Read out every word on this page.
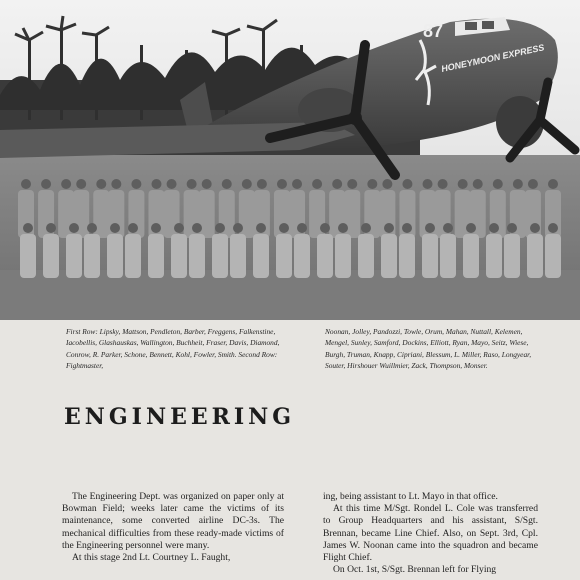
87
HONEYMOON EXPRESS
First Row: Lipsky, Mattson, Pendleton, Barber, Freggens, Falkenstine, Iacobellis, Glashauskas, Wallington, Buchheit, Fraser, Davis, Diamond, Conrow, R. Parker, Schone, Bennett, Kohl, Fowler, Smith. Second Row: Fightmaster,
Noonan, Jolley, Pandozzi, Towle, Orum, Mahan, Nuttall, Kelemen, Mengel, Sunley, Samford, Dockins, Elliott, Ryan, Mayo, Seitz, Wiese, Burgh, Truman, Knapp, Cipriani, Blessum, L. Miller, Raso, Longyear, Souter, Hirshouer Wuillmier, Zack, Thompson, Monser.
ENGINEERING

The Engineering Dept. was organized on paper only at Bowman Field; weeks later came the victims of its maintenance, some converted airline DC-3s. The mechanical difficulties from these ready-made victims of the Engineering personnel were many.

At this stage 2nd Lt. Courtney L. Faught,

ing, being assistant to Lt. Mayo in that office.

At this time M/Sgt. Rondel L. Cole was transferred to Group Headquarters and his assistant, S/Sgt. Brennan, became Line Chief. Also, on Sept. 3rd, Cpl. James W. Noonan came into the squadron and became Flight Chief.

On Oct. 1st, S/Sgt. Brennan left for Flying
